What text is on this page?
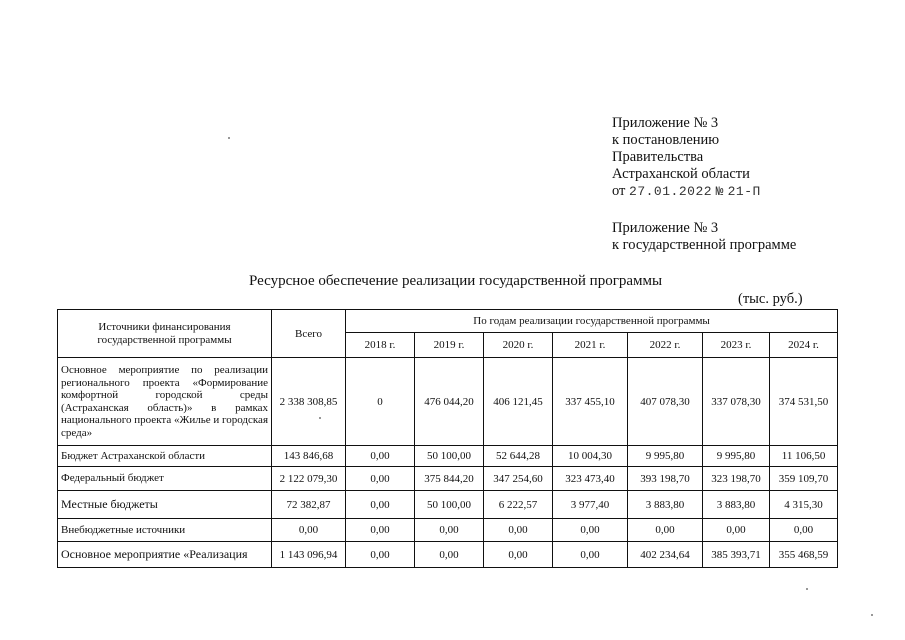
Приложение № 3
к постановлению
Правительства
Астраханской области
от 27.01.2022 № 21-П
Приложение № 3
к государственной программе
Ресурсное обеспечение реализации государственной программы
(тыс. руб.)
Источники финансирования государственной программы	Всего	По годам реализации государственной программы						
		2018 г.	2019 г.	2020 г.	2021 г.	2022 г.	2023 г.	2024 г.
Основное мероприятие по реализации регионального проекта «Формирование комфортной городской среды (Астраханская область)» в рамках национального проекта «Жилье и городская среда»	2 338 308,85	0	476 044,20	406 121,45	337 455,10	407 078,30	337 078,30	374 531,50
Бюджет Астраханской области	143 846,68	0,00	50 100,00	52 644,28	10 004,30	9 995,80	9 995,80	11 106,50
Федеральный бюджет	2 122 079,30	0,00	375 844,20	347 254,60	323 473,40	393 198,70	323 198,70	359 109,70
Местные бюджеты	72 382,87	0,00	50 100,00	6 222,57	3 977,40	3 883,80	3 883,80	4 315,30
Внебюджетные источники	0,00	0,00	0,00	0,00	0,00	0,00	0,00	0,00
Основное мероприятие «Реализация	1 143 096,94	0,00	0,00	0,00	0,00	402 234,64	385 393,71	355 468,59
